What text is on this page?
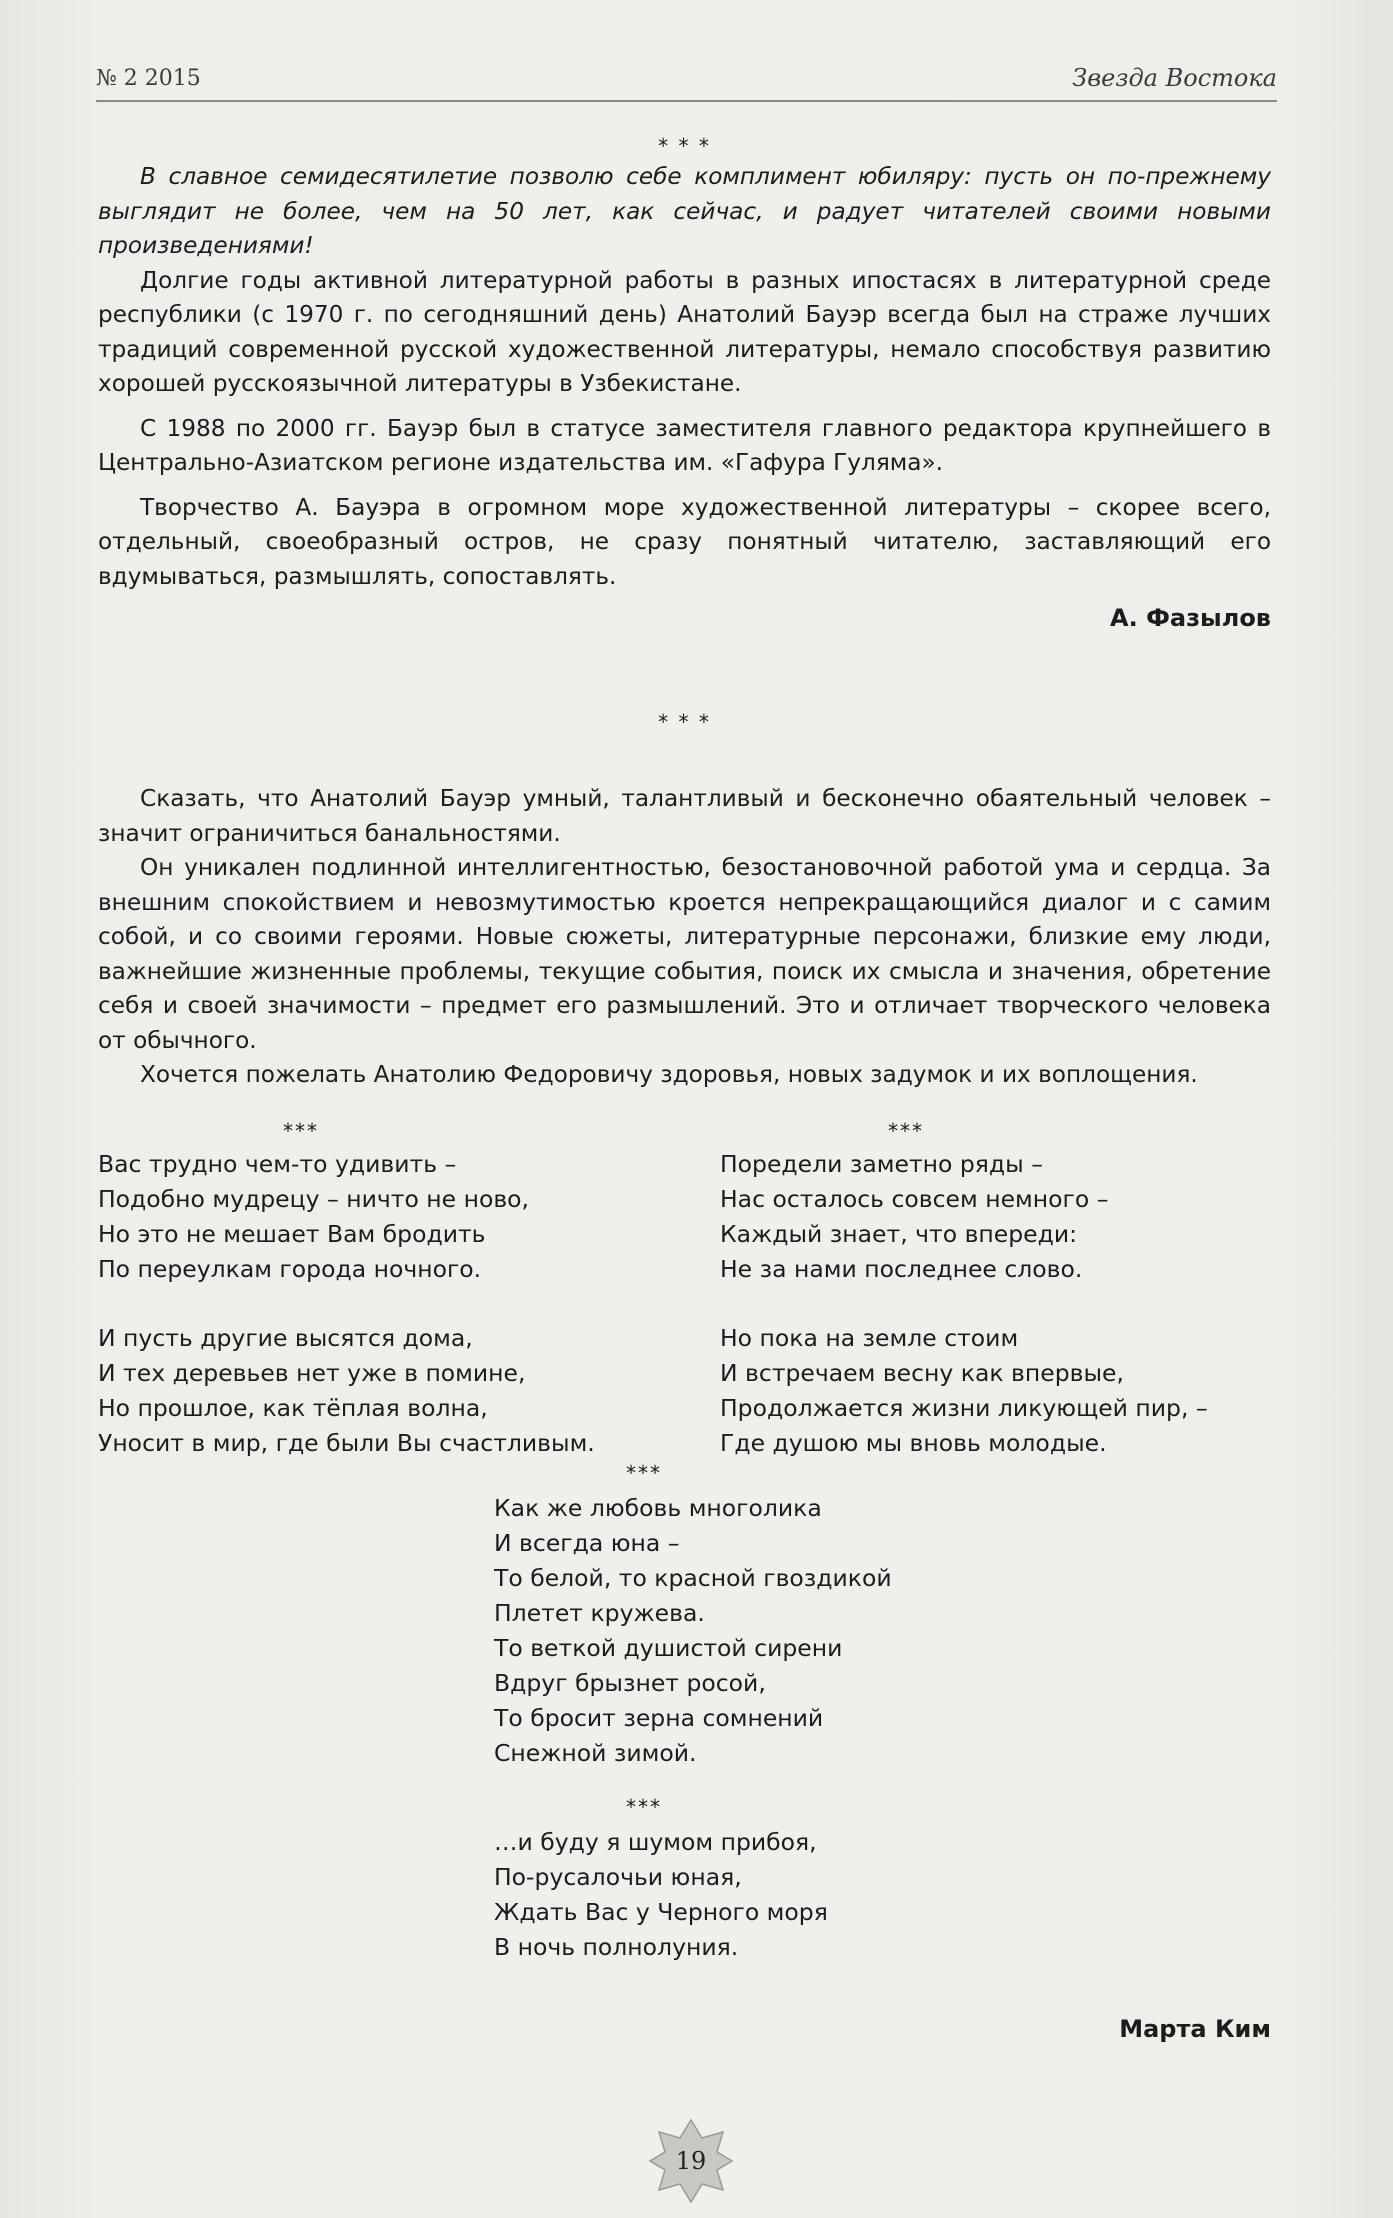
№ 2 2015	Звезда Востока
* * *

В славное семидесятилетие позволю себе комплимент юбиляру: пусть он по-прежнему выглядит не более, чем на 50 лет, как сейчас, и радует читателей своими новыми произведениями!

Долгие годы активной литературной работы в разных ипостасях в литературной среде республики (с 1970 г. по сегодняшний день) Анатолий Бауэр всегда был на страже лучших традиций современной русской художественной литературы, немало способствуя развитию хорошей русскоязычной литературы в Узбекистане.

С 1988 по 2000 гг. Бауэр был в статусе заместителя главного редактора крупнейшего в Центрально-Азиатском регионе издательства им. «Гафура Гуляма».

Творчество А. Бауэра в огромном море художественной литературы – скорее всего, отдельный, своеобразный остров, не сразу понятный читателю, заставляющий его вдумываться, размышлять, сопоставлять.

А. Фазылов
* * *

Сказать, что Анатолий Бауэр умный, талантливый и бесконечно обаятельный человек – значит ограничиться банальностями.

Он уникален подлинной интеллигентностью, безостановочной работой ума и сердца. За внешним спокойствием и невозмутимостью кроется непрекращающийся диалог и с самим собой, и со своими героями. Новые сюжеты, литературные персонажи, близкие ему люди, важнейшие жизненные проблемы, текущие события, поиск их смысла и значения, обретение себя и своей значимости – предмет его размышлений. Это и отличает творческого человека от обычного.

Хочется пожелать Анатолию Федоровичу здоровья, новых задумок и их воплощения.

***
Вас трудно чем-то удивить –
Подобно мудрецу – ничто не ново,
Но это не мешает Вам бродить
По переулкам города ночного.
И пусть другие высятся дома,
И тех деревьев нет уже в помине,
Но прошлое, как тёплая волна,
Уносит в мир, где были Вы счастливым.
***
Поредели заметно ряды –
Нас осталось совсем немного –
Каждый знает, что впереди:
Не за нами последнее слово.
Но пока на земле стоим
И встречаем весну как впервые,
Продолжается жизни ликующей пир, –
Где душою мы вновь молодые.
***
Как же любовь многолика
И всегда юна –
То белой, то красной гвоздикой
Плетет кружева.
То веткой душистой сирени
Вдруг брызнет росой,
То бросит зерна сомнений
Снежной зимой.
***
…и буду я шумом прибоя,
По-русалочьи юная,
Ждать Вас у Черного моря
В ночь полнолуния.
Марта Ким
19
